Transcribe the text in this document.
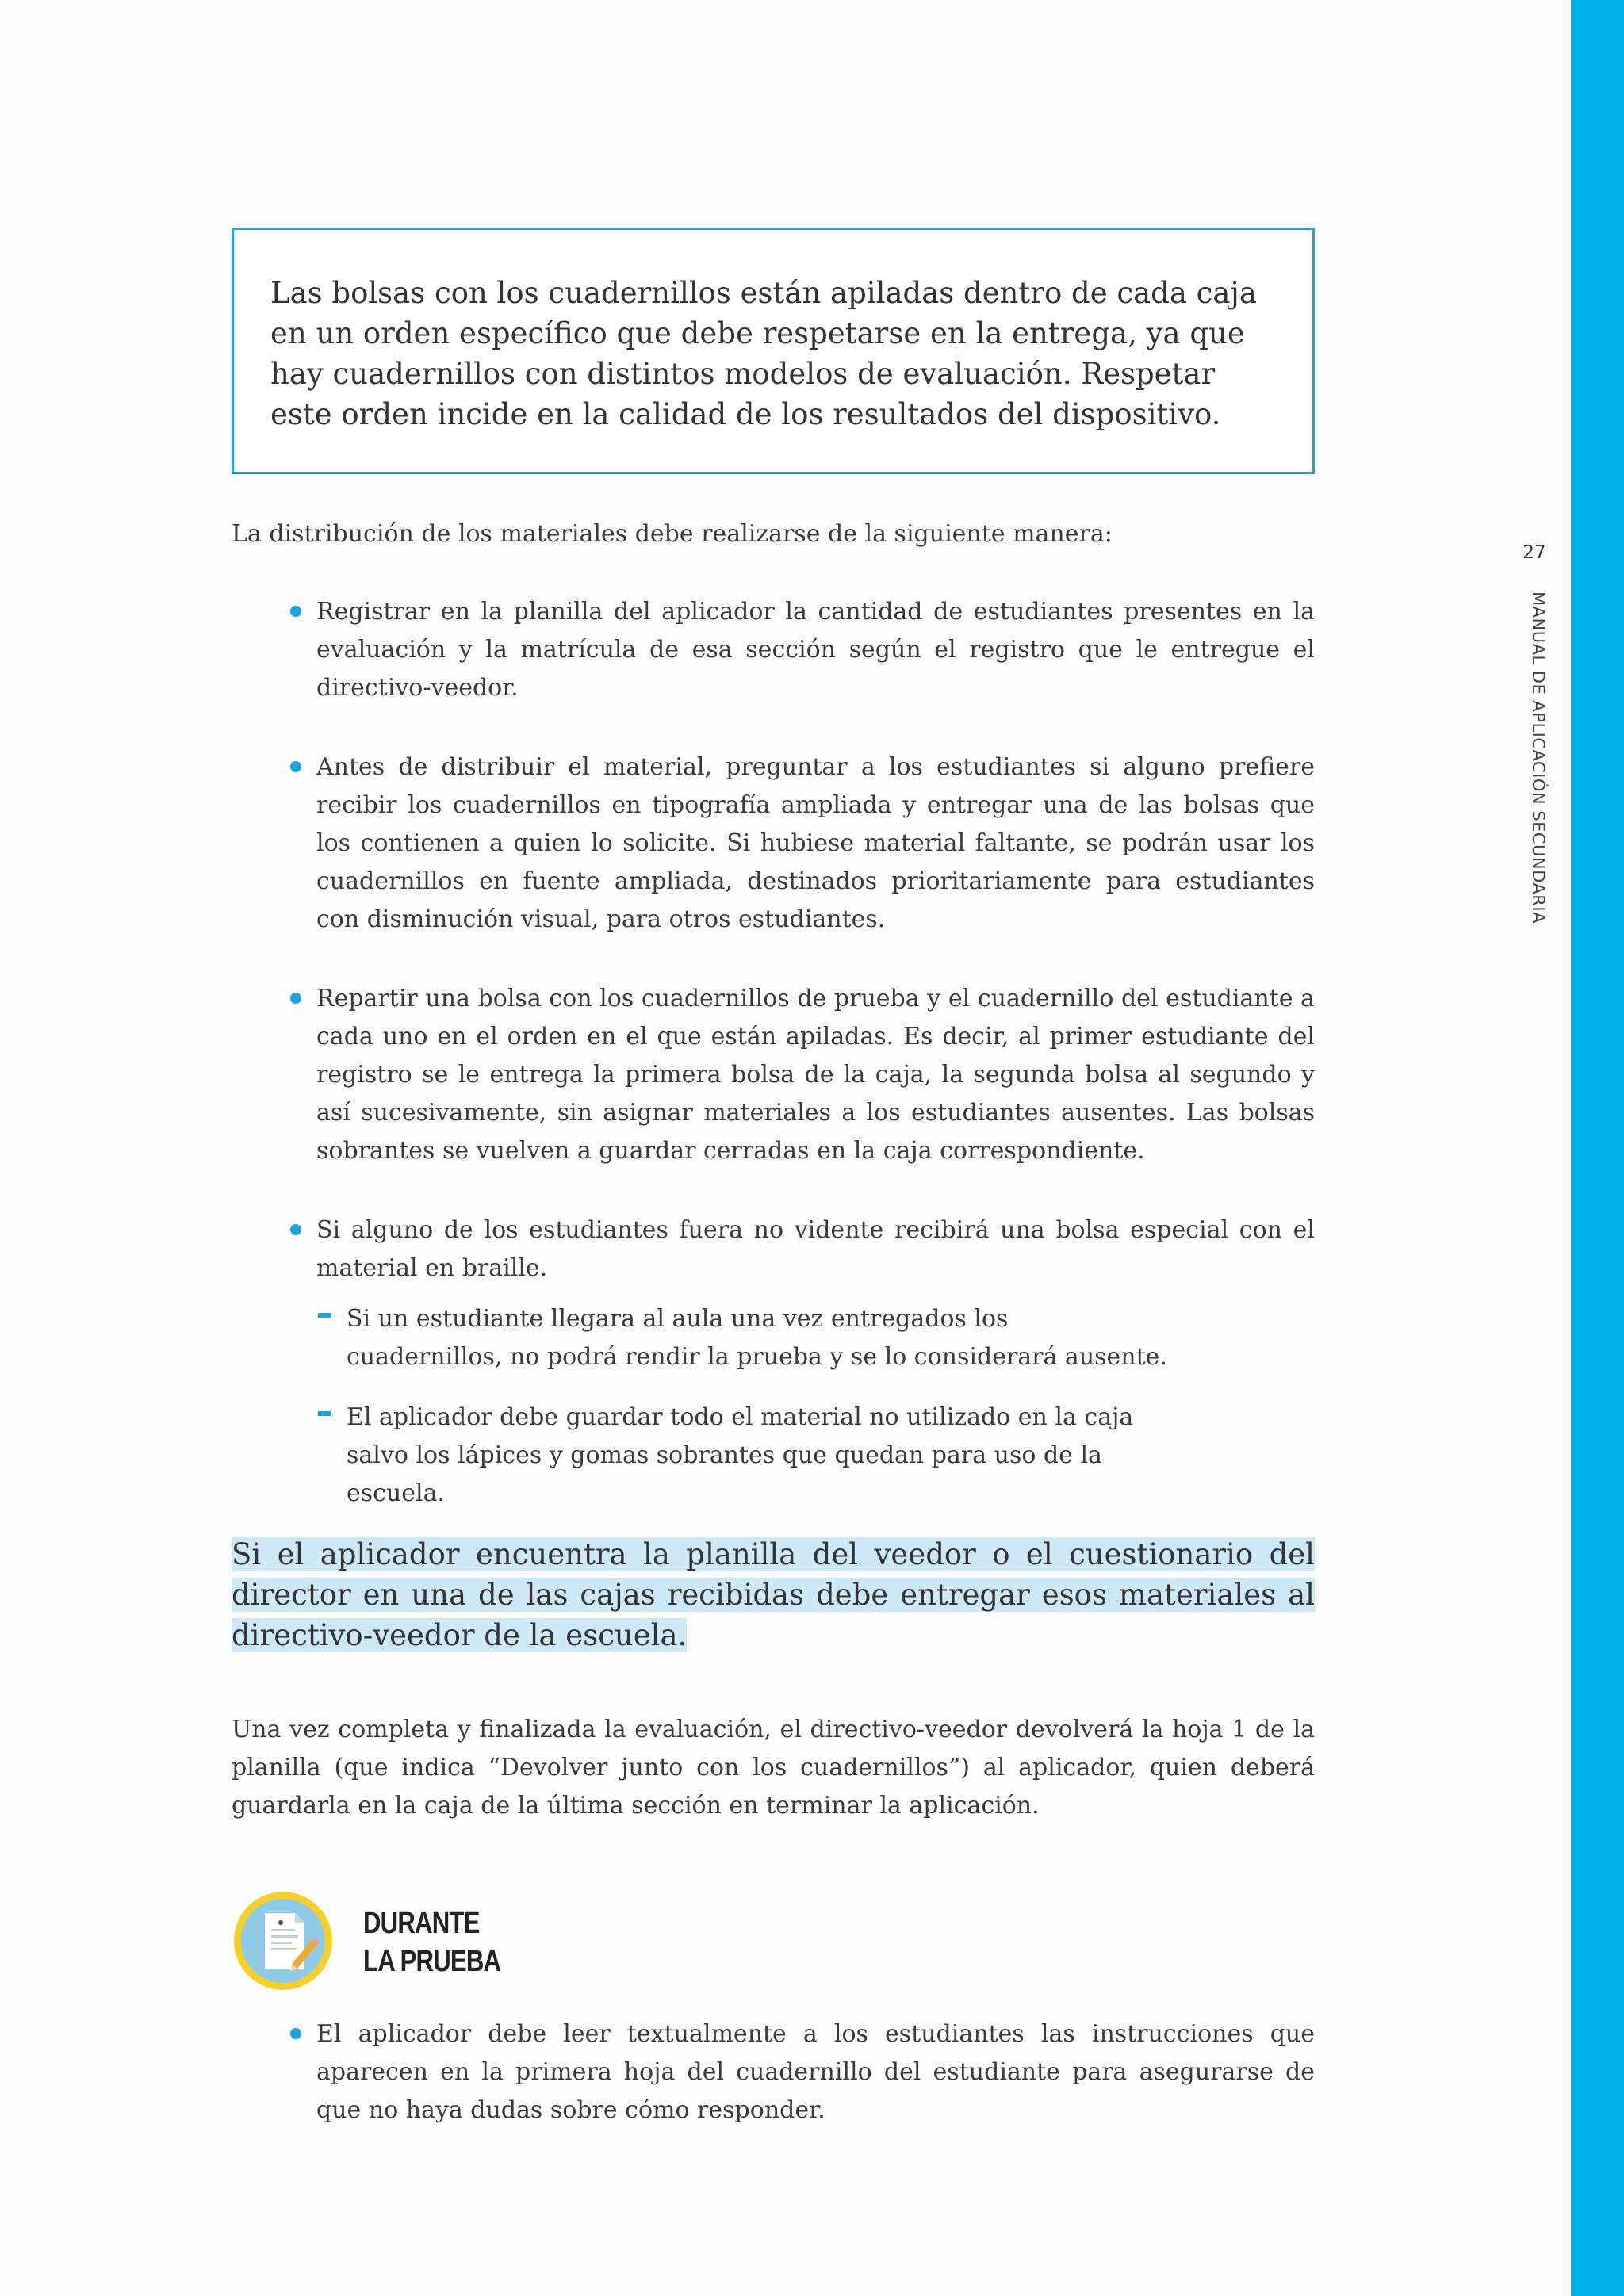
27
MANUAL DE APLICACIÓN SECUNDARIA
Las bolsas con los cuadernillos están apiladas dentro de cada caja en un orden específico que debe respetarse en la entrega, ya que hay cuadernillos con distintos modelos de evaluación. Respetar este orden incide en la calidad de los resultados del dispositivo.
La distribución de los materiales debe realizarse de la siguiente manera:
Registrar en la planilla del aplicador la cantidad de estudiantes presentes en la evaluación y la matrícula de esa sección según el registro que le entregue el directivo-veedor.
Antes de distribuir el material, preguntar a los estudiantes si alguno prefiere recibir los cuadernillos en tipografía ampliada y entregar una de las bolsas que los contienen a quien lo solicite. Si hubiese material faltante, se podrán usar los cuadernillos en fuente ampliada, destinados prioritariamente para estudiantes con disminución visual, para otros estudiantes.
Repartir una bolsa con los cuadernillos de prueba y el cuadernillo del estudiante a cada uno en el orden en el que están apiladas. Es decir, al primer estudiante del registro se le entrega la primera bolsa de la caja, la segunda bolsa al segundo y así sucesivamente, sin asignar materiales a los estudiantes ausentes. Las bolsas sobrantes se vuelven a guardar cerradas en la caja correspondiente.
Si alguno de los estudiantes fuera no vidente recibirá una bolsa especial con el material en braille.
Si un estudiante llegara al aula una vez entregados los cuadernillos, no podrá rendir la prueba y se lo considerará ausente.
El aplicador debe guardar todo el material no utilizado en la caja salvo los lápices y gomas sobrantes que quedan para uso de la escuela.
Si el aplicador encuentra la planilla del veedor o el cuestionario del director en una de las cajas recibidas debe entregar esos materiales al directivo-veedor de la escuela.
Una vez completa y finalizada la evaluación, el directivo-veedor devolverá la hoja 1 de la planilla (que indica “Devolver junto con los cuadernillos”) al aplicador, quien deberá guardarla en la caja de la última sección en terminar la aplicación.
DURANTE
LA PRUEBA
El aplicador debe leer textualmente a los estudiantes las instrucciones que aparecen en la primera hoja del cuadernillo del estudiante para asegurarse de que no haya dudas sobre cómo responder.
